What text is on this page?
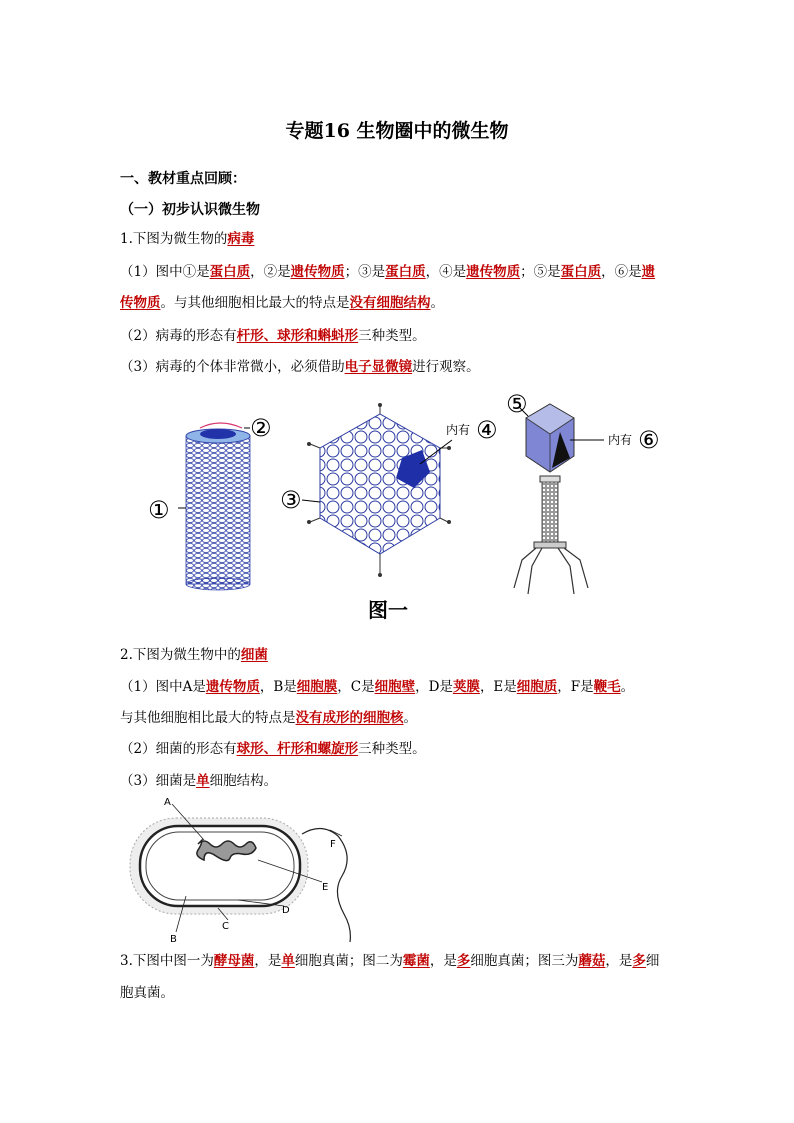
专题16 生物圈中的微生物
一、教材重点回顾：
（一）初步认识微生物
1.下图为微生物的病毒
（1）图中①是蛋白质，②是遗传物质；③是蛋白质，④是遗传物质；⑤是蛋白质，⑥是遗
传物质。与其他细胞相比最大的特点是没有细胞结构。
（2）病毒的形态有杆形、球形和蝌蚪形三种类型。
（3）病毒的个体非常微小，必须借助电子显微镜进行观察。
①
②
③
内有 ④
⑤
内有 ⑥
图一
2.下图为微生物中的细菌
（1）图中A是遗传物质，B是细胞膜，C是细胞壁，D是荚膜，E是细胞质，F是鞭毛。
与其他细胞相比最大的特点是没有成形的细胞核。
（2）细菌的形态有球形、杆形和螺旋形三种类型。
（3）细菌是单细胞结构。
A
B
C
D
E
F
3.下图中图一为酵母菌，是单细胞真菌；图二为霉菌，是多细胞真菌；图三为蘑菇，是多细
胞真菌。
